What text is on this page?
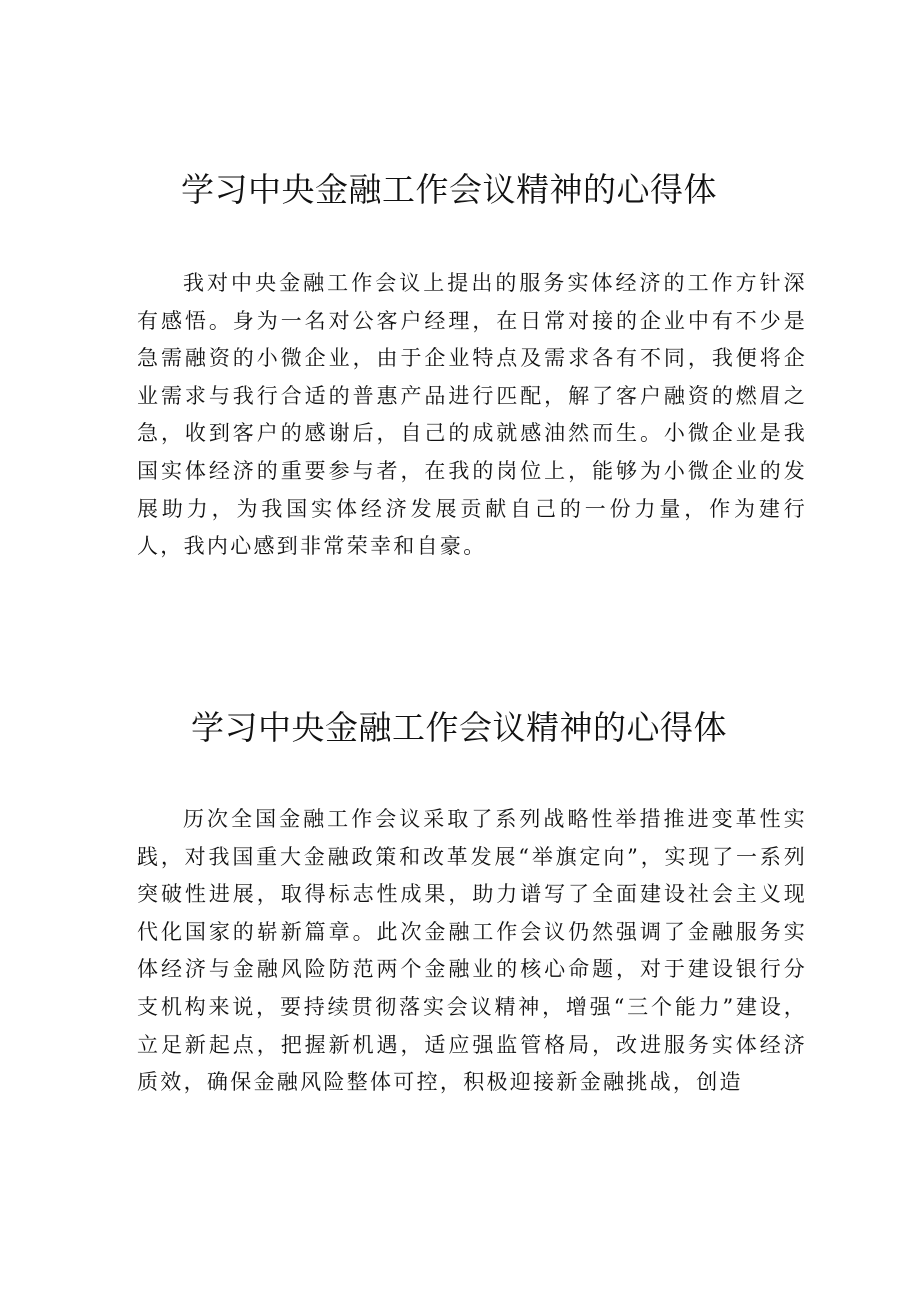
学习中央金融工作会议精神的心得体

我对中央金融工作会议上提出的服务实体经济的工作方针深有感悟。身为一名对公客户经理，在日常对接的企业中有不少是急需融资的小微企业，由于企业特点及需求各有不同，我便将企业需求与我行合适的普惠产品进行匹配，解了客户融资的燃眉之急，收到客户的感谢后，自己的成就感油然而生。小微企业是我国实体经济的重要参与者，在我的岗位上，能够为小微企业的发展助力，为我国实体经济发展贡献自己的一份力量，作为建行人，我内心感到非常荣幸和自豪。

学习中央金融工作会议精神的心得体

历次全国金融工作会议采取了系列战略性举措推进变革性实践，对我国重大金融政策和改革发展“举旗定向”，实现了一系列突破性进展，取得标志性成果，助力谱写了全面建设社会主义现代化国家的崭新篇章。此次金融工作会议仍然强调了金融服务实体经济与金融风险防范两个金融业的核心命题，对于建设银行分支机构来说，要持续贯彻落实会议精神，增强“三个能力”建设，立足新起点，把握新机遇，适应强监管格局，改进服务实体经济质效，确保金融风险整体可控，积极迎接新金融挑战，创造
